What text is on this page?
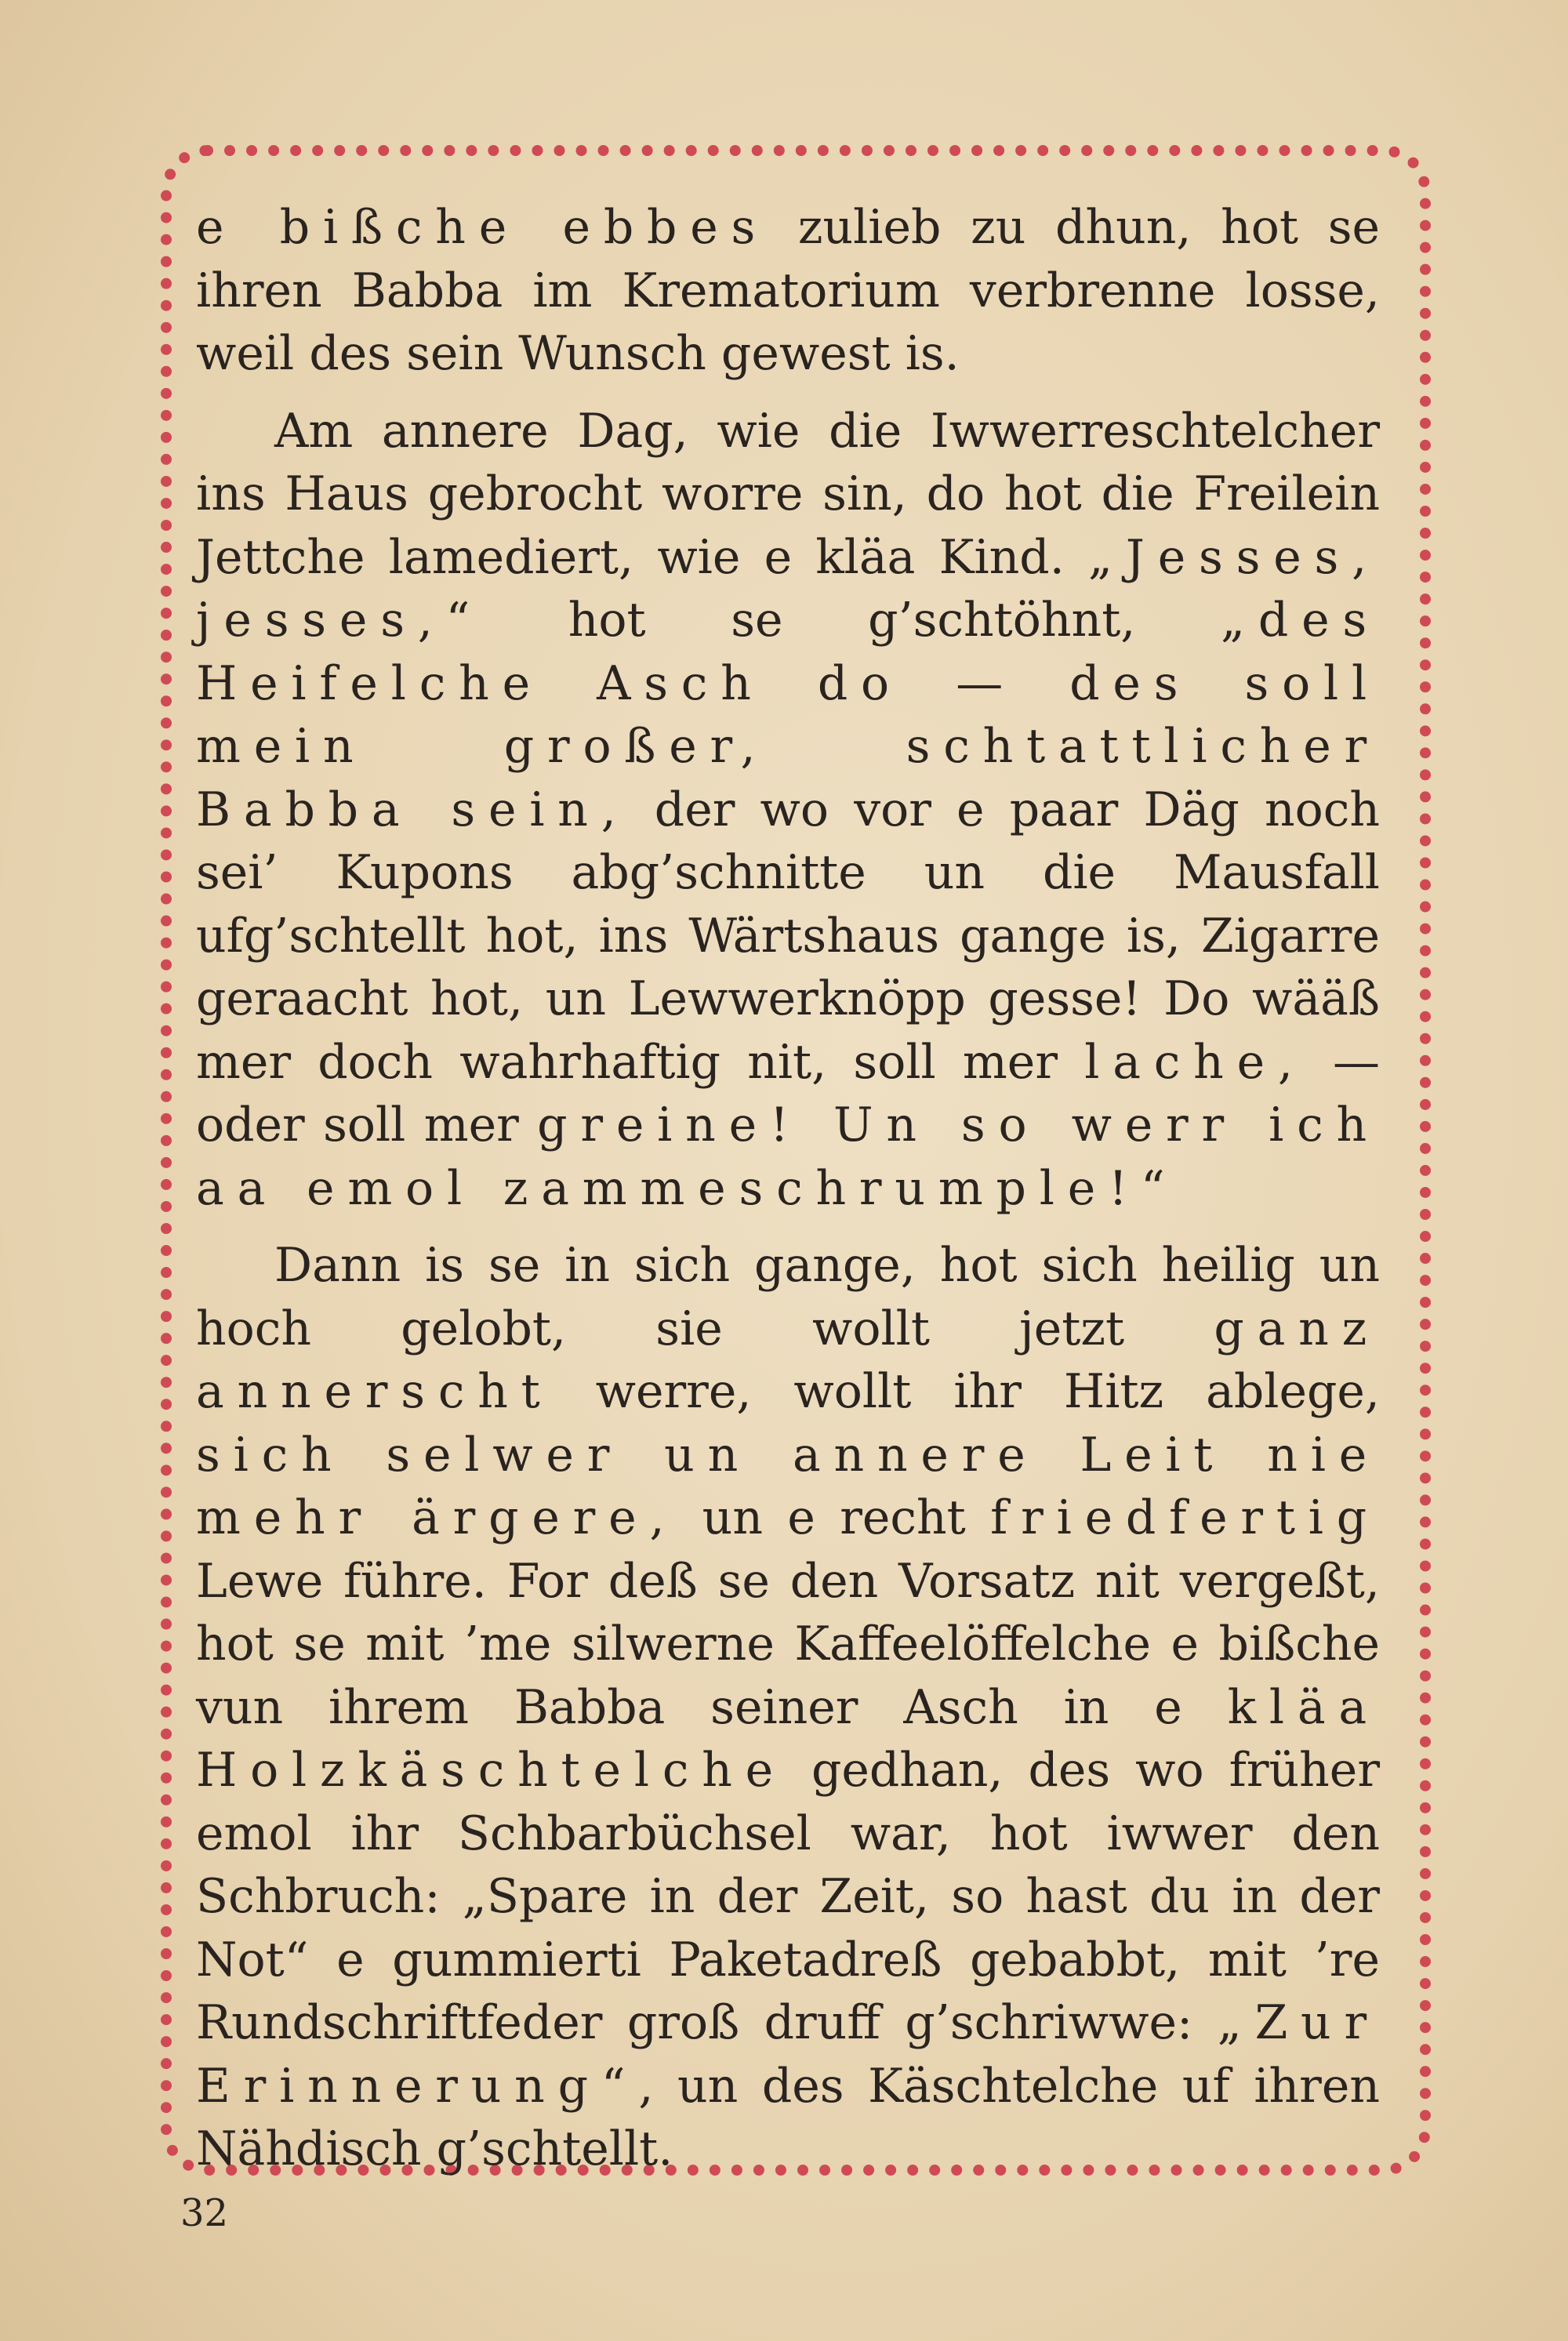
e bißche ebbes zulieb zu dhun, hot se ihren Babba im Krematorium verbrenne losse, weil des sein Wunsch gewest is.

Am annere Dag, wie die Iwwerreschtelcher ins Haus gebrocht worre sin, do hot die Freilein Jettche lamediert, wie e kläa Kind. „Jesses, jesses,“ hot se g’schtöhnt, „des Heifelche Asch do — des soll mein großer, schtattlicher Babba sein, der wo vor e paar Däg noch sei’ Kupons abg’schnitte un die Mausfall ufg’schtellt hot, ins Wärtshaus gange is, Zigarre geraacht hot, un Lewwerknöpp gesse! Do wääß mer doch wahrhaftig nit, soll mer lache, — oder soll mer greine! Un so werr ich aa emol zammeschrumple!“

Dann is se in sich gange, hot sich heilig un hoch gelobt, sie wollt jetzt ganz annerscht werre, wollt ihr Hitz ablege, sich selwer un annere Leit nie mehr ärgere, un e recht friedfertig Lewe führe. For deß se den Vorsatz nit vergeßt, hot se mit ’me silwerne Kaffeelöffelche e bißche vun ihrem Babba seiner Asch in e kläa Holzkäschtelche gedhan, des wo früher emol ihr Schbarbüchsel war, hot iwwer den Schbruch: „Spare in der Zeit, so hast du in der Not“ e gummierti Paketadreß gebabbt, mit ’re Rundschriftfeder groß druff g’schriwwe: „Zur Erinnerung“, un des Käschtelche uf ihren Nähdisch g’schtellt.

32
